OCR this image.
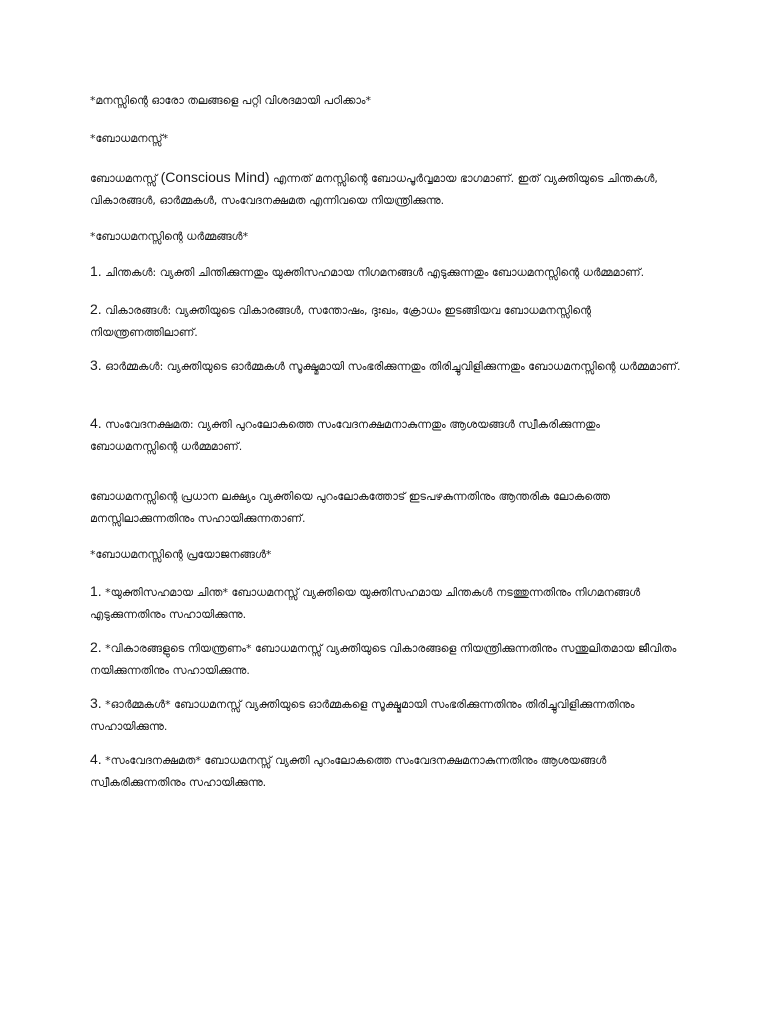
*മനസ്സിന്റെ ഓരോ തലങ്ങളെ പറ്റി വിശദമായി പഠിക്കാം*

*ബോധമനസ്സ്*

ബോധമനസ്സ് (Conscious Mind) എന്നത് മനസ്സിന്റെ ബോധപൂർവ്വമായ ഭാഗമാണ്. ഇത് വ്യക്തിയുടെ ചിന്തകൾ, വികാരങ്ങൾ, ഓർമ്മകൾ, സംവേദനക്ഷമത എന്നിവയെ നിയന്ത്രിക്കുന്നു.

*ബോധമനസ്സിന്റെ ധർമ്മങ്ങൾ*

1. ചിന്തകൾ: വ്യക്തി ചിന്തിക്കുന്നതും യുക്തിസഹമായ നിഗമനങ്ങൾ എടുക്കുന്നതും ബോധമനസ്സിന്റെ ധർമ്മമാണ്.

2. വികാരങ്ങൾ: വ്യക്തിയുടെ വികാരങ്ങൾ, സന്തോഷം, ദുഃഖം, ക്രോധം ഇടങ്ങിയവ ബോധമനസ്സിന്റെ നിയന്ത്രണത്തിലാണ്.

3. ഓർമ്മകൾ: വ്യക്തിയുടെ ഓർമ്മകൾ സൂക്ഷ്മമായി സംഭരിക്കുന്നതും തിരിച്ചുവിളിക്കുന്നതും ബോധമനസ്സിന്റെ ധർമ്മമാണ്.

4. സംവേദനക്ഷമത: വ്യക്തി പുറംലോകത്തെ സംവേദനക്ഷമനാകുന്നതും ആശയങ്ങൾ സ്വീകരിക്കുന്നതും ബോധമനസ്സിന്റെ ധർമ്മമാണ്.

ബോധമനസ്സിന്റെ പ്രധാന ലക്ഷ്യം വ്യക്തിയെ പുറംലോകത്തോട് ഇടപഴകുന്നതിനും ആന്തരിക ലോകത്തെ മനസ്സിലാക്കുന്നതിനും സഹായിക്കുന്നതാണ്.

*ബോധമനസ്സിന്റെ പ്രയോജനങ്ങൾ*

1. *യുക്തിസഹമായ ചിന്ത* ബോധമനസ്സ് വ്യക്തിയെ യുക്തിസഹമായ ചിന്തകൾ നടത്തുന്നതിനും നിഗമനങ്ങൾ എടുക്കുന്നതിനും സഹായിക്കുന്നു.

2. *വികാരങ്ങളുടെ നിയന്ത്രണം* ബോധമനസ്സ് വ്യക്തിയുടെ വികാരങ്ങളെ നിയന്ത്രിക്കുന്നതിനും സന്തുലിതമായ ജീവിതം നയിക്കുന്നതിനും സഹായിക്കുന്നു.

3. *ഓർമ്മകൾ* ബോധമനസ്സ് വ്യക്തിയുടെ ഓർമ്മകളെ സൂക്ഷ്മമായി സംഭരിക്കുന്നതിനും തിരിച്ചുവിളിക്കുന്നതിനും സഹായിക്കുന്നു.

4. *സംവേദനക്ഷമത* ബോധമനസ്സ് വ്യക്തി പുറംലോകത്തെ സംവേദനക്ഷമനാകുന്നതിനും ആശയങ്ങൾ സ്വീകരിക്കുന്നതിനും സഹായിക്കുന്നു.
